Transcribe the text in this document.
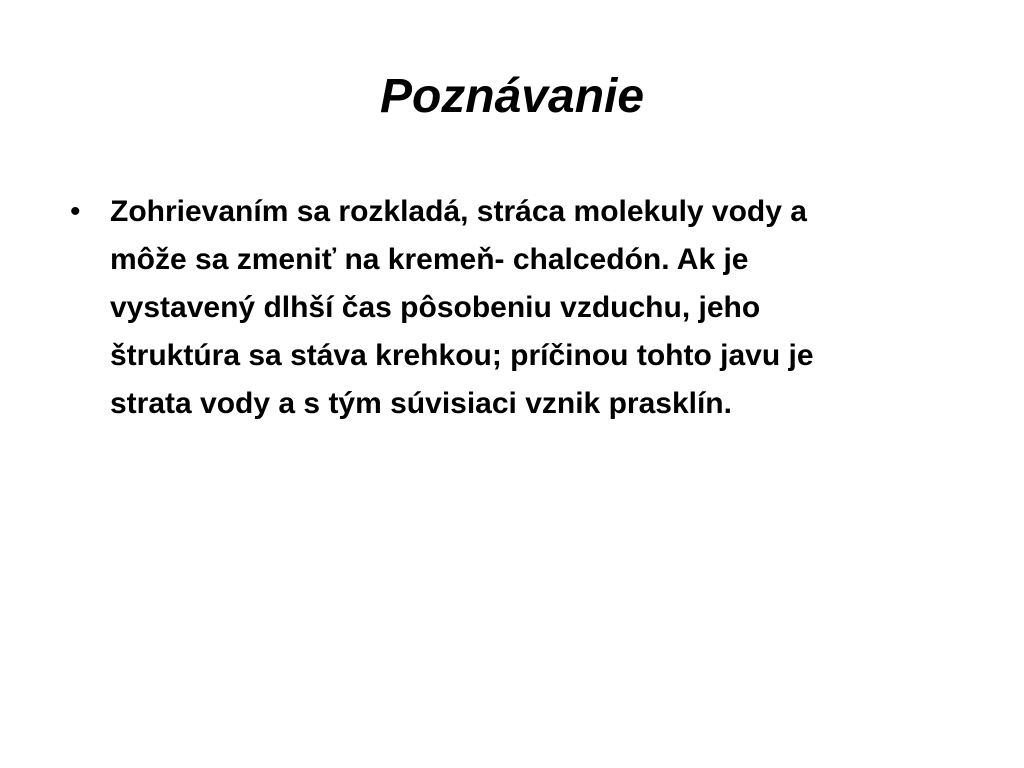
Poznávanie
• Zohrievaním sa rozkladá, stráca molekuly vody a
môže sa zmeniť na kremeň- chalcedón. Ak je
vystavený dlhší čas pôsobeniu vzduchu, jeho
štruktúra sa stáva krehkou; príčinou tohto javu je
strata vody a s tým súvisiaci vznik prasklín.
